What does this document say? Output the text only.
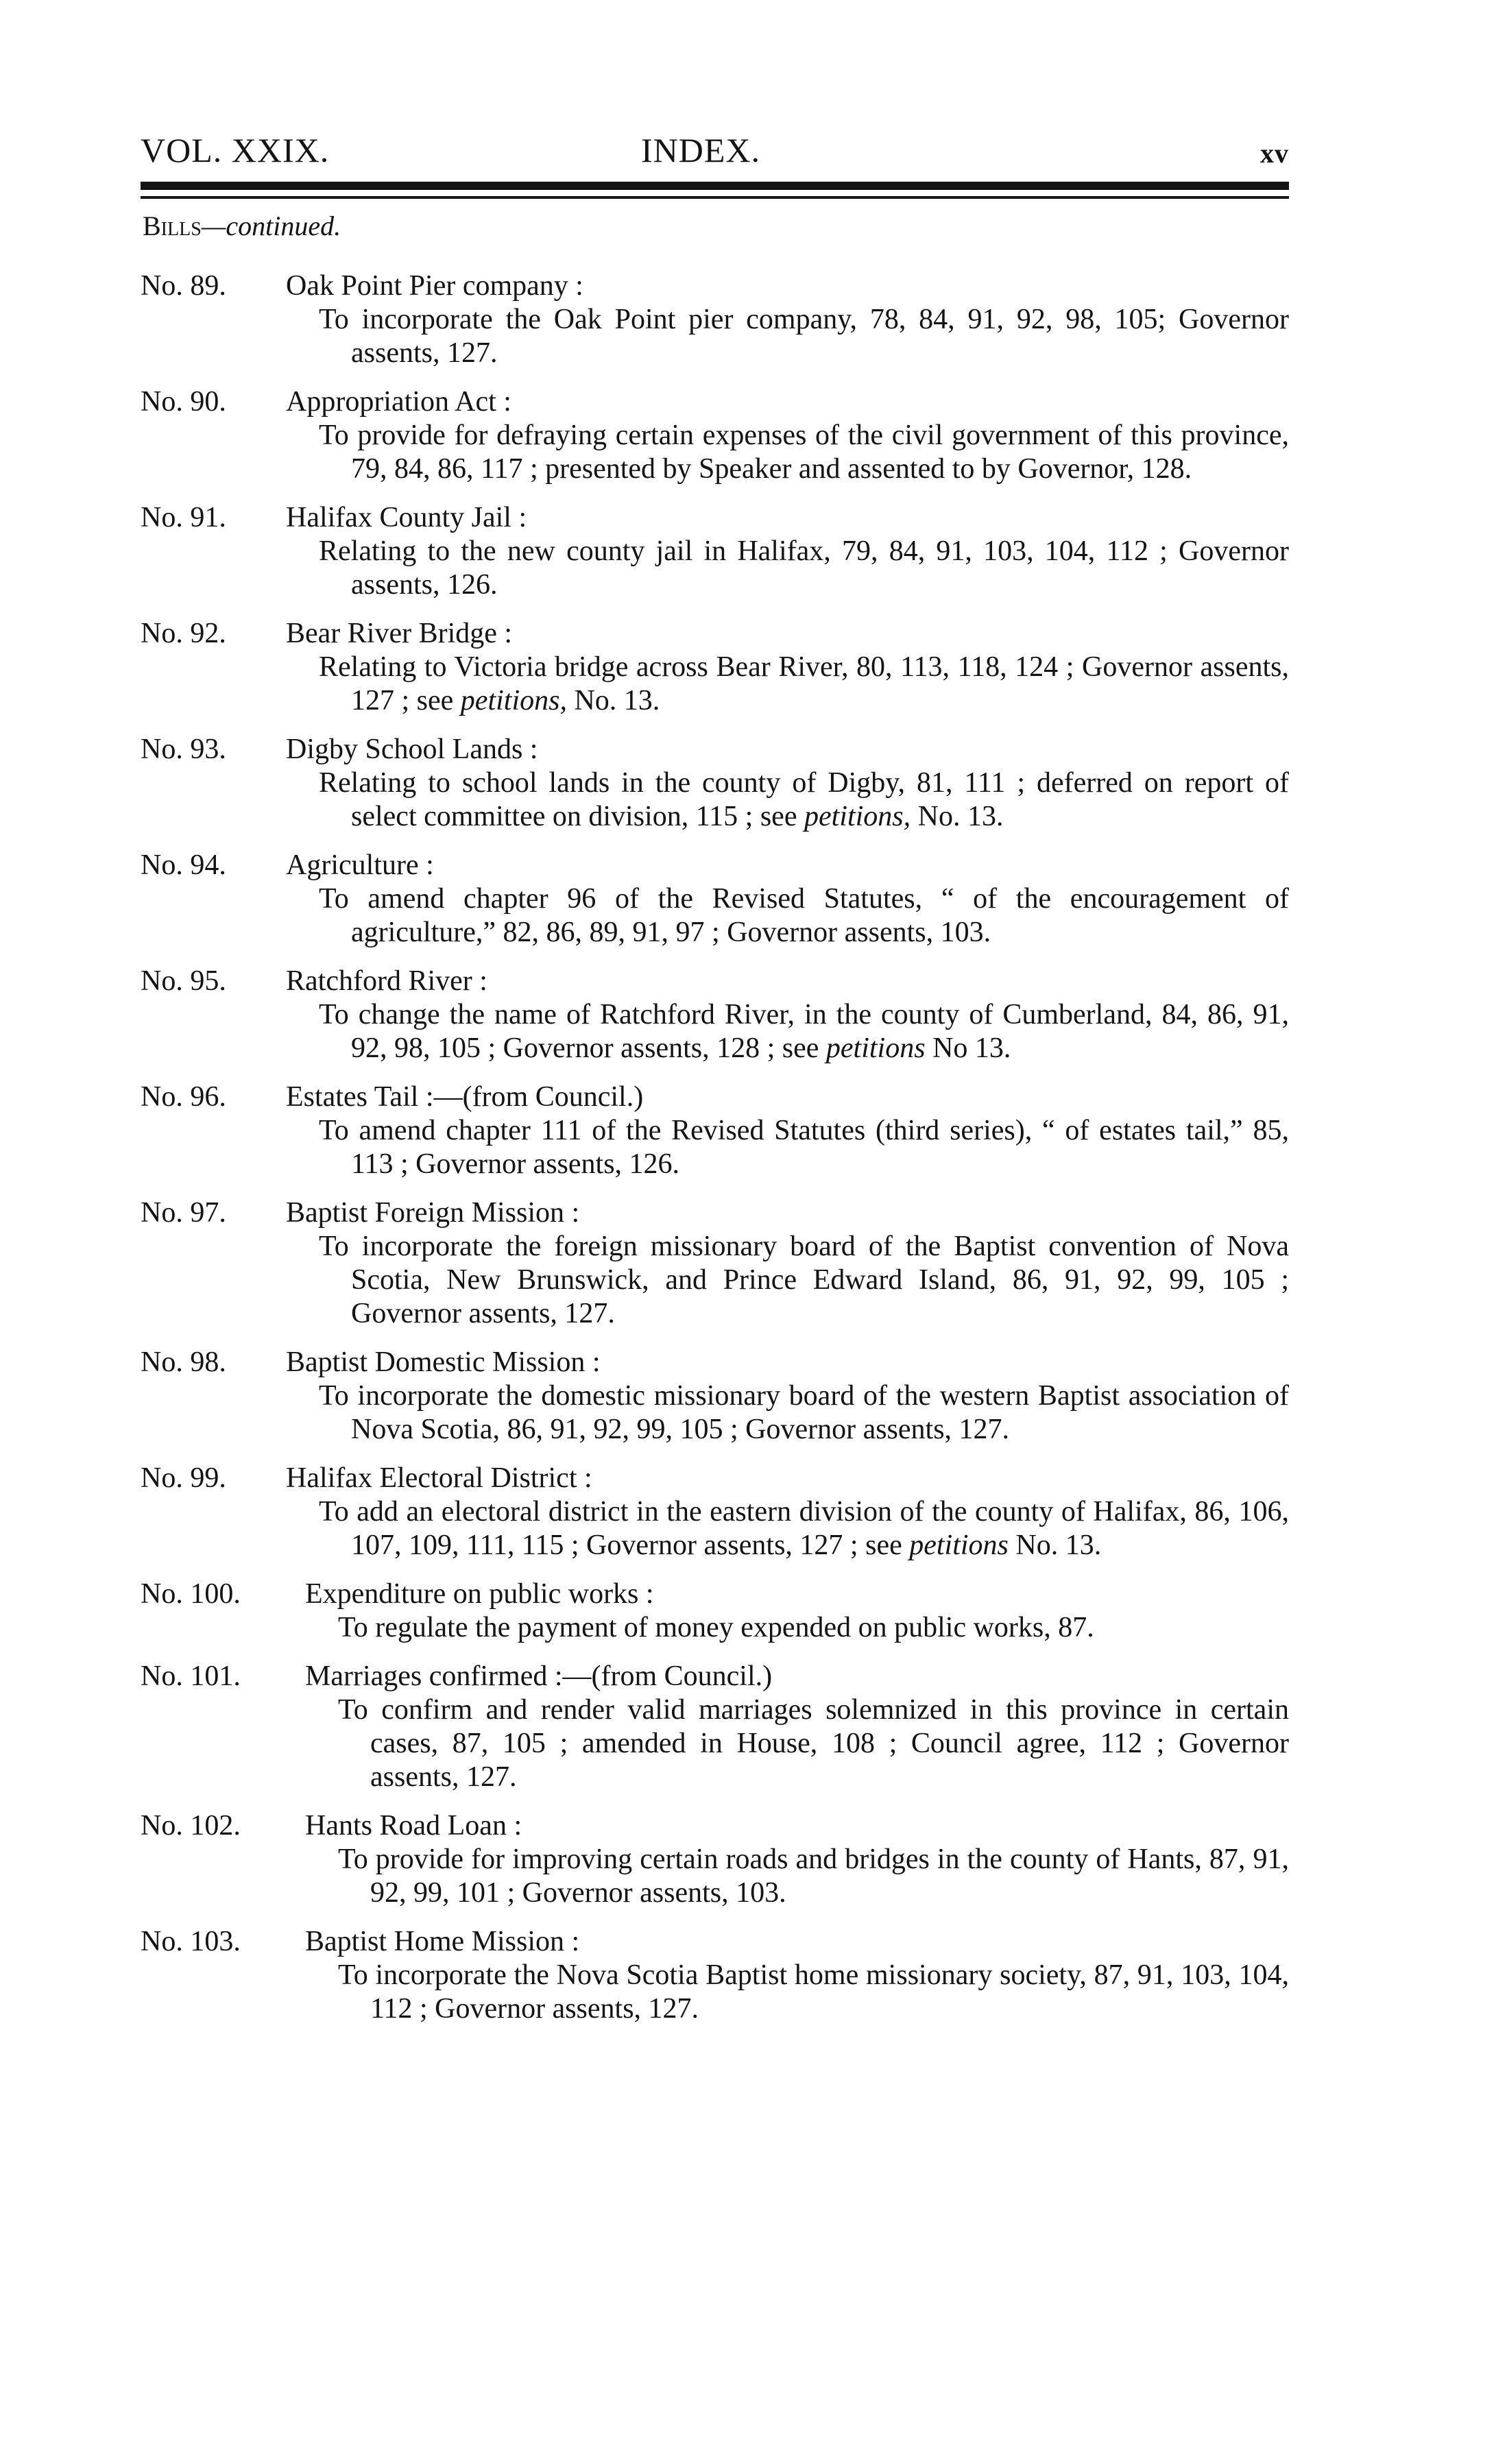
VOL. XXIX.	INDEX.	xv
Bills—continued.
No. 89. Oak Point Pier company :
To incorporate the Oak Point pier company, 78, 84, 91, 92, 98, 105; Governor assents, 127.
No. 90. Appropriation Act :
To provide for defraying certain expenses of the civil government of this province, 79, 84, 86, 117 ; presented by Speaker and assented to by Governor, 128.
No. 91. Halifax County Jail :
Relating to the new county jail in Halifax, 79, 84, 91, 103, 104, 112 ; Governor assents, 126.
No. 92. Bear River Bridge :
Relating to Victoria bridge across Bear River, 80, 113, 118, 124 ; Governor assents, 127 ; see petitions, No. 13.
No. 93. Digby School Lands :
Relating to school lands in the county of Digby, 81, 111 ; deferred on report of select committee on division, 115 ; see petitions, No. 13.
No. 94. Agriculture :
To amend chapter 96 of the Revised Statutes, “ of the encouragement of agriculture,” 82, 86, 89, 91, 97 ; Governor assents, 103.
No. 95. Ratchford River :
To change the name of Ratchford River, in the county of Cumberland, 84, 86, 91, 92, 98, 105 ; Governor assents, 128 ; see petitions No 13.
No. 96. Estates Tail :—(from Council.)
To amend chapter 111 of the Revised Statutes (third series), “ of estates tail,” 85, 113 ; Governor assents, 126.
No. 97. Baptist Foreign Mission :
To incorporate the foreign missionary board of the Baptist convention of Nova Scotia, New Brunswick, and Prince Edward Island, 86, 91, 92, 99, 105 ; Governor assents, 127.
No. 98. Baptist Domestic Mission :
To incorporate the domestic missionary board of the western Baptist association of Nova Scotia, 86, 91, 92, 99, 105 ; Governor assents, 127.
No. 99. Halifax Electoral District :
To add an electoral district in the eastern division of the county of Halifax, 86, 106, 107, 109, 111, 115 ; Governor assents, 127 ; see petitions No. 13.
No. 100. Expenditure on public works :
To regulate the payment of money expended on public works, 87.
No. 101. Marriages confirmed :—(from Council.)
To confirm and render valid marriages solemnized in this province in certain cases, 87, 105 ; amended in House, 108 ; Council agree, 112 ; Governor assents, 127.
No. 102. Hants Road Loan :
To provide for improving certain roads and bridges in the county of Hants, 87, 91, 92, 99, 101 ; Governor assents, 103.
No. 103. Baptist Home Mission :
To incorporate the Nova Scotia Baptist home missionary society, 87, 91, 103, 104, 112 ; Governor assents, 127.
